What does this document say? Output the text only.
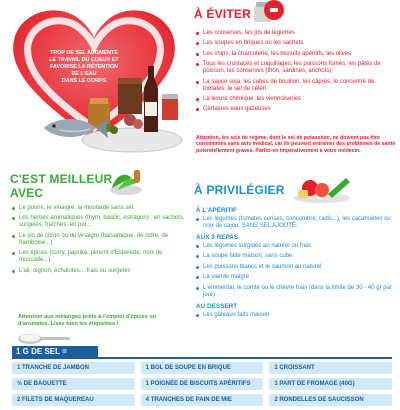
TROP DE SEL AUGMENTE
LE TRAVAIL DU COEUR ET
FAVORISE LA RÉTENTION
DE L'EAU
DANS LE CORPS
À ÉVITER
Les conserves, les jus de légumes
Les soupes en briques ou les sachets
Les chips, la charcuterie, les biscuits apéritifs, les olives
Tous les crustacés et coquillages, les poissons fumés, les pâtés de poisson, les conserves (thon, sardines, anchois)
La sauce soja, les cubes de bouillon, les câpres, le concentré de tomates, le sel de céleri
La levure chimique, les viennoiseries
Certaines eaux gazeuses
Attention, les sels de régime, dont le sel de potassium, ne doivent pas être consommés sans avis médical, car ils peuvent entraîner des problèmes de santé potentiellement graves. Parlez-en impérativement à votre médecin.
C'EST MEILLEUR
AVEC
Le poivre, le vinaigre, la moutarde sans sel.
Les herbes aromatiques (thym, basilic, estragon) : en sachets, surgelés, fraîches, en pot...
Le jus de citron ou du vinaigre (balsamique, de cidre, de framboise...)
Les épices (curry, paprika, piment d'Espelette, noix de muscade...)
L'ail, oignon, échalotes... frais ou surgelés
Attention aux mélanges prêts-à-l'emploi d'épices ou d'aromates. Lisez bien les étiquettes !
À PRIVILÉGIER
À L'APÉRITIF
Les légumes (tomates cerises, concombre, radis...), les cacahuètes ou noix de cajou, SANS SEL AJOUTÉ.
AUX 3 REPAS
Les légumes surgelés au naturel ou frais
La soupe faite maison, sans cube
Les poissons blancs et le saumon au naturel
La viande maigre
L'emmental, le comté ou le chèvre frais (dans la limite de 30 - 40 gr par jour)
AU DESSERT
Les gâteaux faits maison
1 G DE SEL =
1 TRANCHE DE JAMBON	1 BOL DE SOUPE EN BRIQUE	1 CROISSANT
⅓ DE BAGUETTE	1 POIGNÉE DE BISCUITS APÉRITIFS	1 PART DE FROMAGE (40G)
2 FILETS DE MAQUEREAU	4 TRANCHES DE PAIN DE MIE	2 RONDELLES DE SAUCISSON
